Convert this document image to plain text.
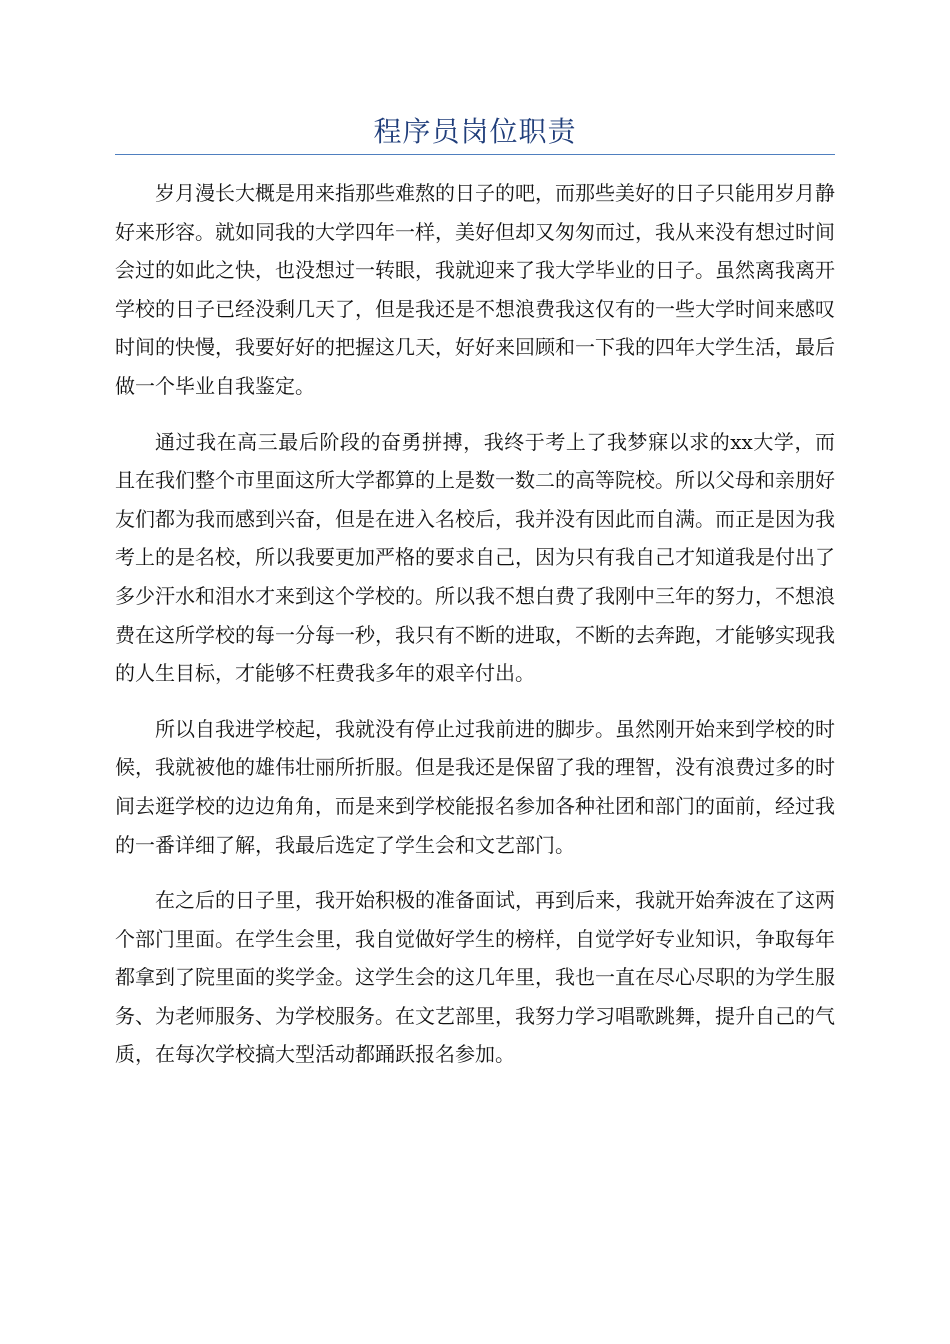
程序员岗位职责

岁月漫长大概是用来指那些难熬的日子的吧，而那些美好的日子只能用岁月静好来形容。就如同我的大学四年一样，美好但却又匆匆而过，我从来没有想过时间会过的如此之快，也没想过一转眼，我就迎来了我大学毕业的日子。虽然离我离开学校的日子已经没剩几天了，但是我还是不想浪费我这仅有的一些大学时间来感叹时间的快慢，我要好好的把握这几天，好好来回顾和一下我的四年大学生活，最后做一个毕业自我鉴定。

通过我在高三最后阶段的奋勇拼搏，我终于考上了我梦寐以求的xx大学，而且在我们整个市里面这所大学都算的上是数一数二的高等院校。所以父母和亲朋好友们都为我而感到兴奋，但是在进入名校后，我并没有因此而自满。而正是因为我考上的是名校，所以我要更加严格的要求自己，因为只有我自己才知道我是付出了多少汗水和泪水才来到这个学校的。所以我不想白费了我刚中三年的努力，不想浪费在这所学校的每一分每一秒，我只有不断的进取，不断的去奔跑，才能够实现我的人生目标，才能够不枉费我多年的艰辛付出。

所以自我进学校起，我就没有停止过我前进的脚步。虽然刚开始来到学校的时候，我就被他的雄伟壮丽所折服。但是我还是保留了我的理智，没有浪费过多的时间去逛学校的边边角角，而是来到学校能报名参加各种社团和部门的面前，经过我的一番详细了解，我最后选定了学生会和文艺部门。

在之后的日子里，我开始积极的准备面试，再到后来，我就开始奔波在了这两个部门里面。在学生会里，我自觉做好学生的榜样，自觉学好专业知识，争取每年都拿到了院里面的奖学金。这学生会的这几年里，我也一直在尽心尽职的为学生服务、为老师服务、为学校服务。在文艺部里，我努力学习唱歌跳舞，提升自己的气质，在每次学校搞大型活动都踊跃报名参加。
